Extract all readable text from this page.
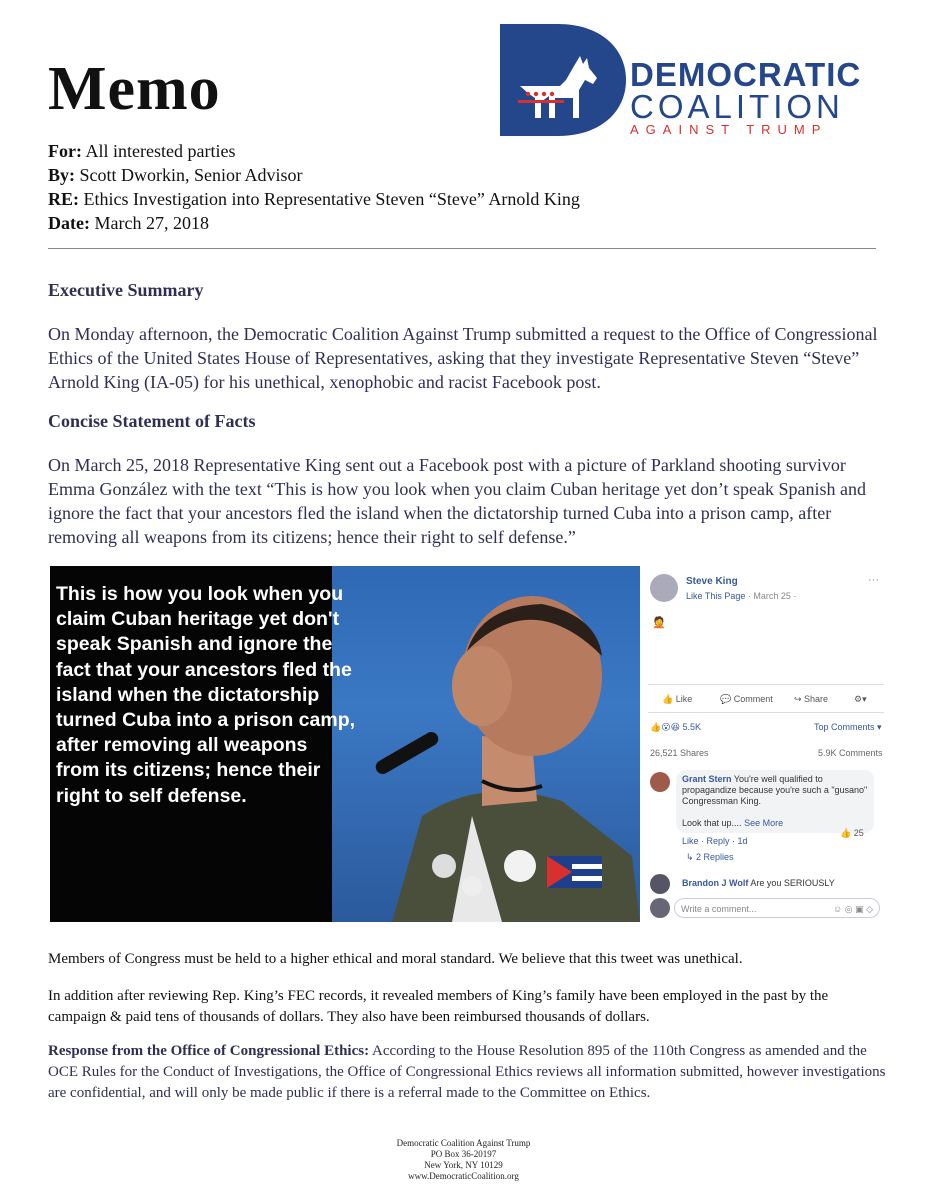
Memo
For: All interested parties
By: Scott Dworkin, Senior Advisor
RE: Ethics Investigation into Representative Steven “Steve” Arnold King
Date: March 27, 2018
DEMOCRATIC
COALITION
AGAINST TRUMP
Executive Summary
On Monday afternoon, the Democratic Coalition Against Trump submitted a request to the Office of Congressional Ethics of the United States House of Representatives, asking that they investigate Representative Steven “Steve” Arnold King (IA-05) for his unethical, xenophobic and racist Facebook post.
Concise Statement of Facts
On March 25, 2018 Representative King sent out a Facebook post with a picture of Parkland shooting survivor Emma González with the text “This is how you look when you claim Cuban heritage yet don’t speak Spanish and ignore the fact that your ancestors fled the island when the dictatorship turned Cuba into a prison camp, after removing all weapons from its citizens; hence their right to self defense.”
This is how you look when you claim Cuban heritage yet don't speak Spanish and ignore the fact that your ancestors fled the island when the dictatorship turned Cuba into a prison camp, after removing all weapons from its citizens; hence their right to self defense.
Steve King
Like This Page · March 25 ·
···
🤦
👍 Like	💬 Comment ↪ Share	⚙▾
👍😮😆 5.5K	Top Comments ▾
26,521 Shares	5.9K Comments
Grant Stern You're well qualified to propagandize because you're such a "gusano" Congressman King.

Look that up.... See More
👍 25
Like · Reply · 1d
↳ 2 Replies
Brandon J Wolf Are you SERIOUSLY
Write a comment...	☺ ◎ ▣ ◇
Members of Congress must be held to a higher ethical and moral standard. We believe that this tweet was unethical.
In addition after reviewing Rep. King’s FEC records, it revealed members of King’s family have been employed in the past by the campaign & paid tens of thousands of dollars. They also have been reimbursed thousands of dollars.
Response from the Office of Congressional Ethics: According to the House Resolution 895 of the 110th Congress as amended and the OCE Rules for the Conduct of Investigations, the Office of Congressional Ethics reviews all information submitted, however investigations are confidential, and will only be made public if there is a referral made to the Committee on Ethics.
Democratic Coalition Against Trump
PO Box 36-20197
New York, NY 10129
www.DemocraticCoalition.org
